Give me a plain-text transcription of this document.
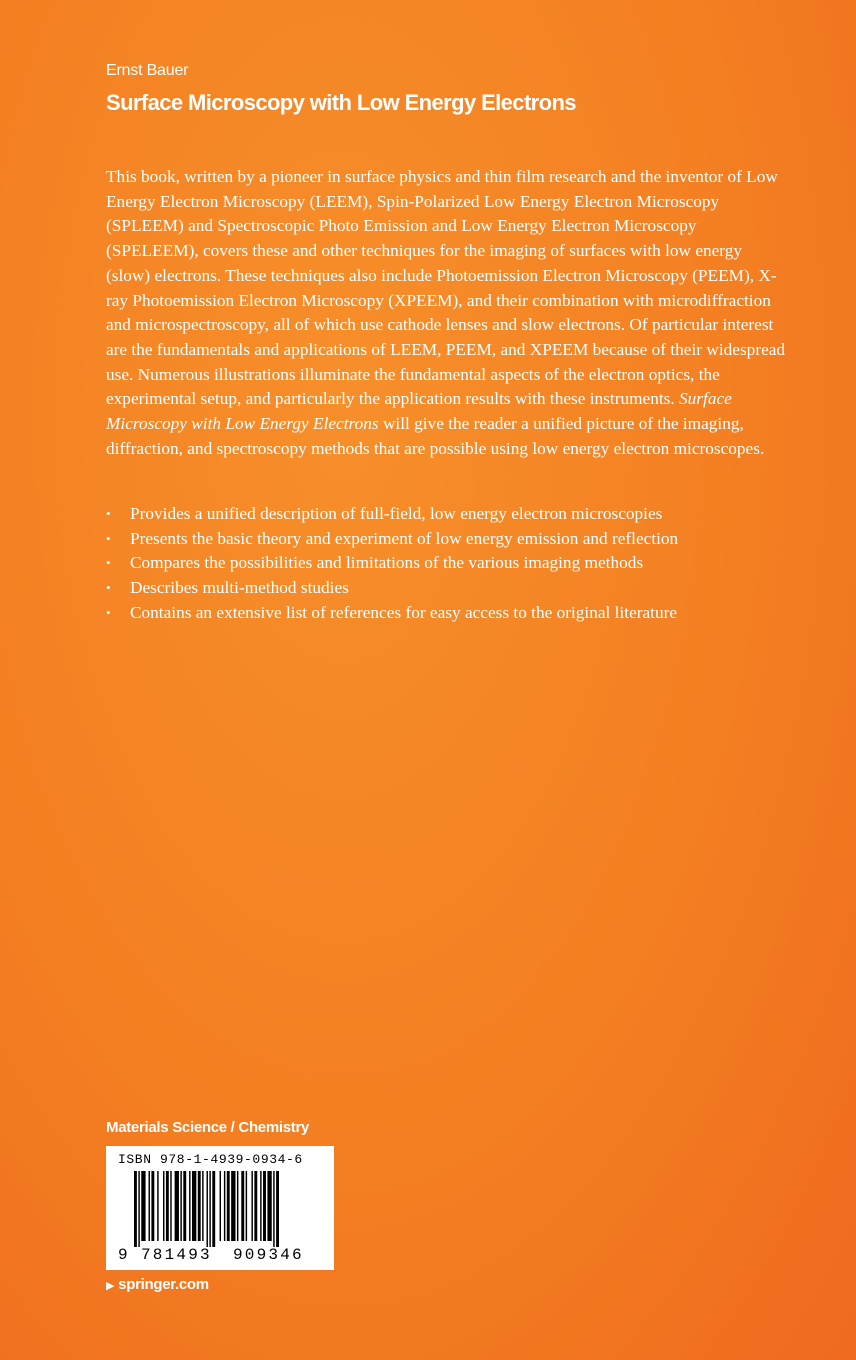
Ernst Bauer
Surface Microscopy with Low Energy Electrons

This book, written by a pioneer in surface physics and thin film research and the inventor of Low Energy Electron Microscopy (LEEM), Spin-Polarized Low Energy Electron Microscopy (SPLEEM) and Spectroscopic Photo Emission and Low Energy Electron Microscopy (SPELEEM), covers these and other techniques for the imaging of surfaces with low energy (slow) electrons. These techniques also include Photoemission Electron Microscopy (PEEM), X-ray Photoemission Electron Microscopy (XPEEM), and their combination with microdiffraction and microspectroscopy, all of which use cathode lenses and slow electrons. Of particular interest are the fundamentals and applications of LEEM, PEEM, and XPEEM because of their widespread use. Numerous illustrations illuminate the fundamental aspects of the electron optics, the experimental setup, and particularly the application results with these instruments. Surface Microscopy with Low Energy Electrons will give the reader a unified picture of the imaging, diffraction, and spectroscopy methods that are possible using low energy electron microscopes.

• Provides a unified description of full-field, low energy electron microscopies
• Presents the basic theory and experiment of low energy emission and reflection
• Compares the possibilities and limitations of the various imaging methods
• Describes multi-method studies
• Contains an extensive list of references for easy access to the original literature
Materials Science / Chemistry
ISBN 978-1-4939-0934-6
9 781493 909346
▶ springer.com
